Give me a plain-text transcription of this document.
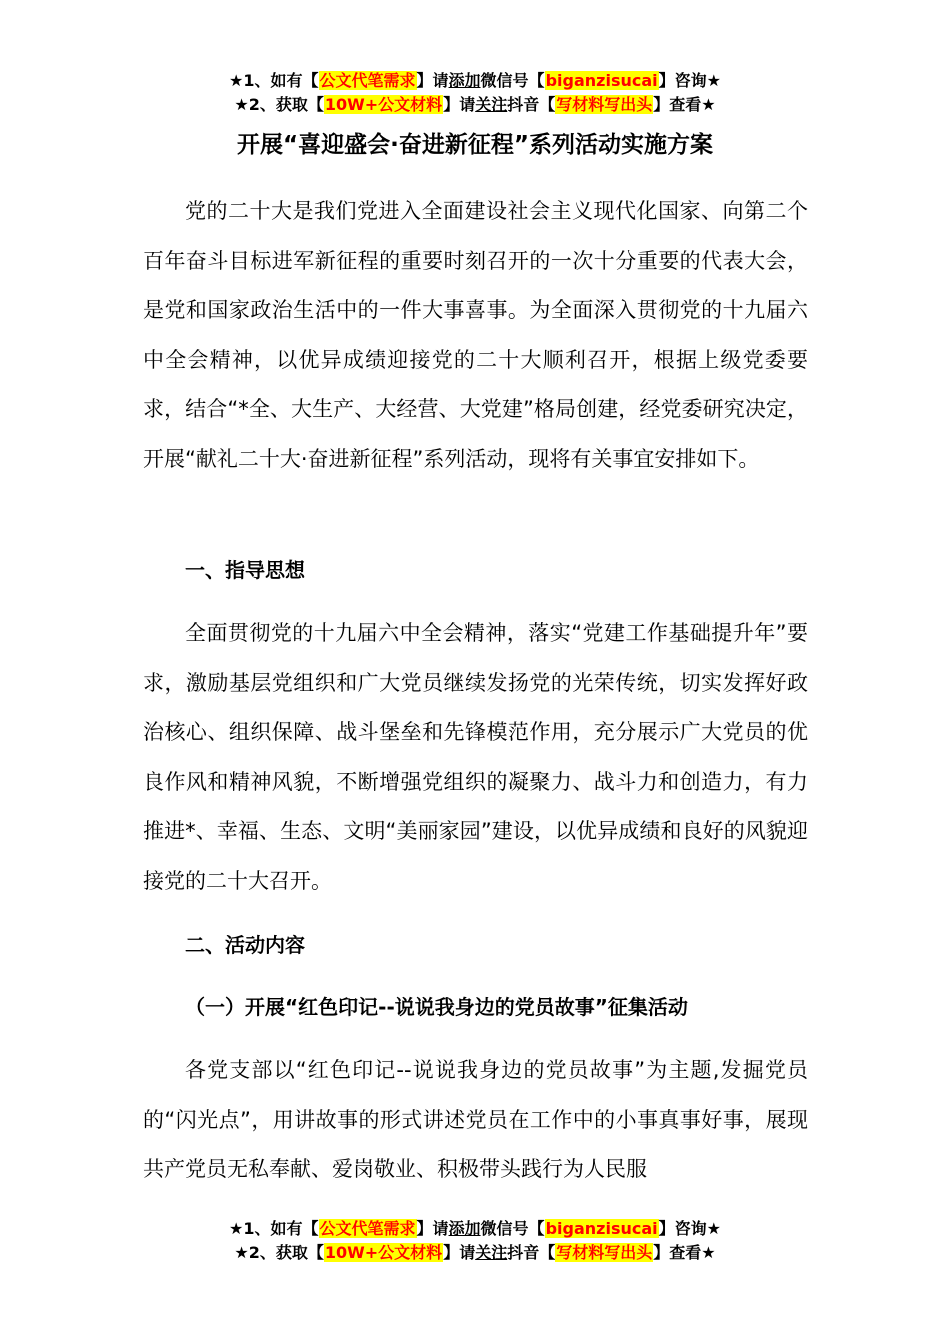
★1、如有【公文代笔需求】请添加微信号【biganzisucai】咨询★
★2、获取【10W+公文材料】请关注抖音【写材料写出头】查看★
开展“喜迎盛会·奋进新征程”系列活动实施方案

党的二十大是我们党进入全面建设社会主义现代化国家、向第二个百年奋斗目标进军新征程的重要时刻召开的一次十分重要的代表大会，是党和国家政治生活中的一件大事喜事。为全面深入贯彻党的十九届六中全会精神，以优异成绩迎接党的二十大顺利召开，根据上级党委要求，结合“*全、大生产、大经营、大党建”格局创建，经党委研究决定，开展“献礼二十大·奋进新征程”系列活动，现将有关事宜安排如下。

一、指导思想

全面贯彻党的十九届六中全会精神，落实“党建工作基础提升年”要求，激励基层党组织和广大党员继续发扬党的光荣传统，切实发挥好政治核心、组织保障、战斗堡垒和先锋模范作用，充分展示广大党员的优良作风和精神风貌，不断增强党组织的凝聚力、战斗力和创造力，有力推进*、幸福、生态、文明“美丽家园”建设，以优异成绩和良好的风貌迎接党的二十大召开。

二、活动内容
（一）开展“红色印记--说说我身边的党员故事”征集活动

各党支部以“红色印记--说说我身边的党员故事”为主题,发掘党员的“闪光点”，用讲故事的形式讲述党员在工作中的小事真事好事，展现共产党员无私奉献、爱岗敬业、积极带头践行为人民服

★1、如有【公文代笔需求】请添加微信号【biganzisucai】咨询★
★2、获取【10W+公文材料】请关注抖音【写材料写出头】查看★
